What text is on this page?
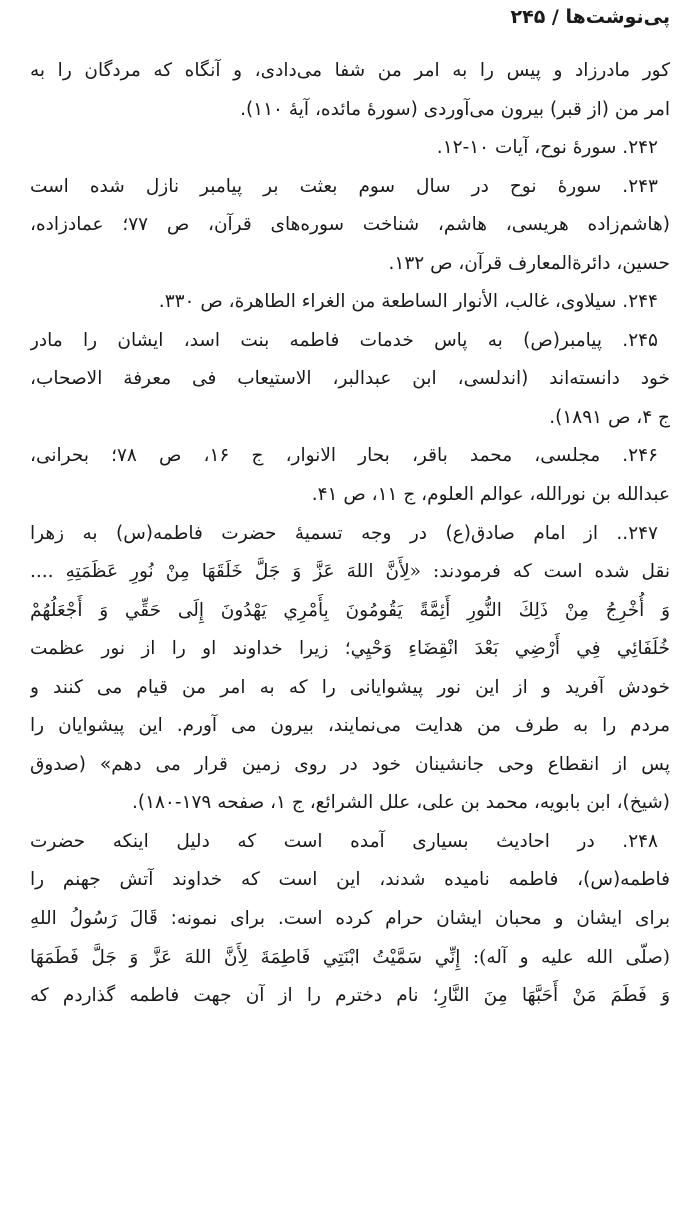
پی‌نوشت‌ها / ۲۴۵
کور مادرزاد و پیس را به امر من شفا می‌دادی، و آنگاه که مردگان را به
امر من (از قبر) بیرون می‌آوردی (سورهٔ مائده، آیهٔ ۱۱۰).
۲۴۲. سورهٔ نوح، آیات ۱۰-۱۲.
۲۴۳. سورهٔ نوح در سال سوم بعثت بر پیامبر نازل شده است
(هاشم‌زاده هریسی، هاشم، شناخت سوره‌های قرآن، ص ۷۷؛ عمادزاده،
حسین، دائرةالمعارف قرآن، ص ۱۳۲.
۲۴۴. سیلاوی، غالب، الأنوار الساطعة من الغراء الطاهرة، ص ۳۳۰.
۲۴۵. پیامبر(ص) به پاس خدمات فاطمه بنت اسد، ایشان را مادر
خود دانسته‌اند (اندلسی، ابن عبدالبر، الاستیعاب فی معرفة الاصحاب،
ج ۴، ص ۱۸۹۱).
۲۴۶. مجلسی، محمد باقر، بحار الانوار، ج ۱۶، ص ۷۸؛ بحرانی،
عبدالله بن نورالله، عوالم العلوم، ج ۱۱، ص ۴۱.
۲۴۷.. از امام صادق(ع) در وجه تسمیهٔ حضرت فاطمه(س) به زهرا
نقل شده است که فرمودند: «لِأَنَّ اللهَ عَزَّ وَ جَلَّ خَلَقَهَا مِنْ نُورِ عَظَمَتِهِ ....
وَ أُخْرِجُ مِنْ ذَلِكَ النُّورِ أَئِمَّةً يَقُومُونَ بِأَمْرِي يَهْدُونَ إِلَى حَقِّي وَ أَجْعَلُهُمْ
خُلَفَائِي فِي أَرْضِي بَعْدَ انْقِضَاءِ وَحْيِي؛ زیرا خداوند او را از نور عظمت
خودش آفرید و از این نور پیشوایانی را که به امر من قیام می کنند و
مردم را به طرف من هدایت می‌نمایند، بیرون می آورم. این پیشوایان را
پس از انقطاع وحی جانشینان خود در روی زمین قرار می دهم» (صدوق
(شیخ)، ابن بابویه، محمد بن علی، علل الشرائع، ج ۱، صفحه ۱۷۹-۱۸۰).
۲۴۸. در احادیث بسیاری آمده است که دلیل اینکه حضرت
فاطمه(س)، فاطمه نامیده شدند، این است که خداوند آتش جهنم را
برای ایشان و محبان ایشان حرام کرده است. برای نمونه: قَالَ رَسُولُ اللهِ
(صلّی الله علیه و آله): إِنِّي سَمَّيْتُ ابْنَتِي فَاطِمَةَ لِأَنَّ اللهَ عَزَّ وَ جَلَّ فَطَمَهَا
وَ فَطَمَ مَنْ أَحَبَّهَا مِنَ النَّارِ؛ نام دخترم را از آن جهت فاطمه گذاردم که
